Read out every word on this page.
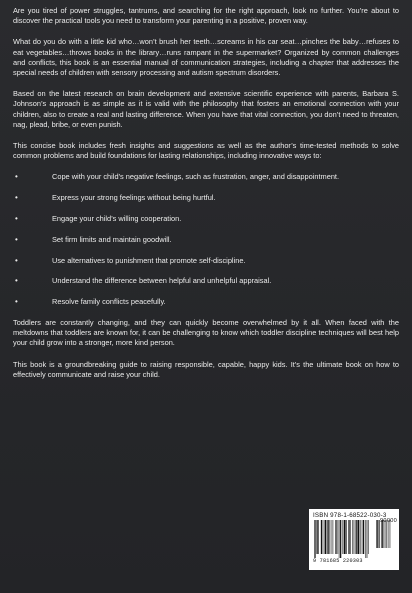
Are you tired of power struggles, tantrums, and searching for the right approach, look no further. You’re about to discover the practical tools you need to transform your parenting in a positive, proven way.

What do you do with a little kid who…won’t brush her teeth…screams in his car seat…pinches the baby…refuses to eat vegetables…throws books in the library…runs rampant in the supermarket? Organized by common challenges and conflicts, this book is an essential manual of communication strategies, including a chapter that addresses the special needs of children with sensory processing and autism spectrum disorders.

Based on the latest research on brain development and extensive scientific experience with parents, Barbara S. Johnson’s approach is as simple as it is valid with the philosophy that fosters an emotional connection with your children, also to create a real and lasting difference. When you have that vital connection, you don’t need to threaten, nag, plead, bribe, or even punish.

This concise book includes fresh insights and suggestions as well as the author’s time-tested methods to solve common problems and build foundations for lasting relationships, including innovative ways to:

•	Cope with your child’s negative feelings, such as frustration, anger, and disappointment.
•	Express your strong feelings without being hurtful.
•	Engage your child’s willing cooperation.
•	Set firm limits and maintain goodwill.
•	Use alternatives to punishment that promote self-discipline.
•	Understand the difference between helpful and unhelpful appraisal.
•	Resolve family conflicts peacefully.

Toddlers are constantly changing, and they can quickly become overwhelmed by it all. When faced with the meltdowns that toddlers are known for, it can be challenging to know which toddler discipline techniques will best help your child grow into a stronger, more kind person.

This book is a groundbreaking guide to raising responsible, capable, happy kids. It’s the ultimate book on how to effectively communicate and raise your child.

ISBN 978-1-68522-030-3
9 781685 220303
90000
